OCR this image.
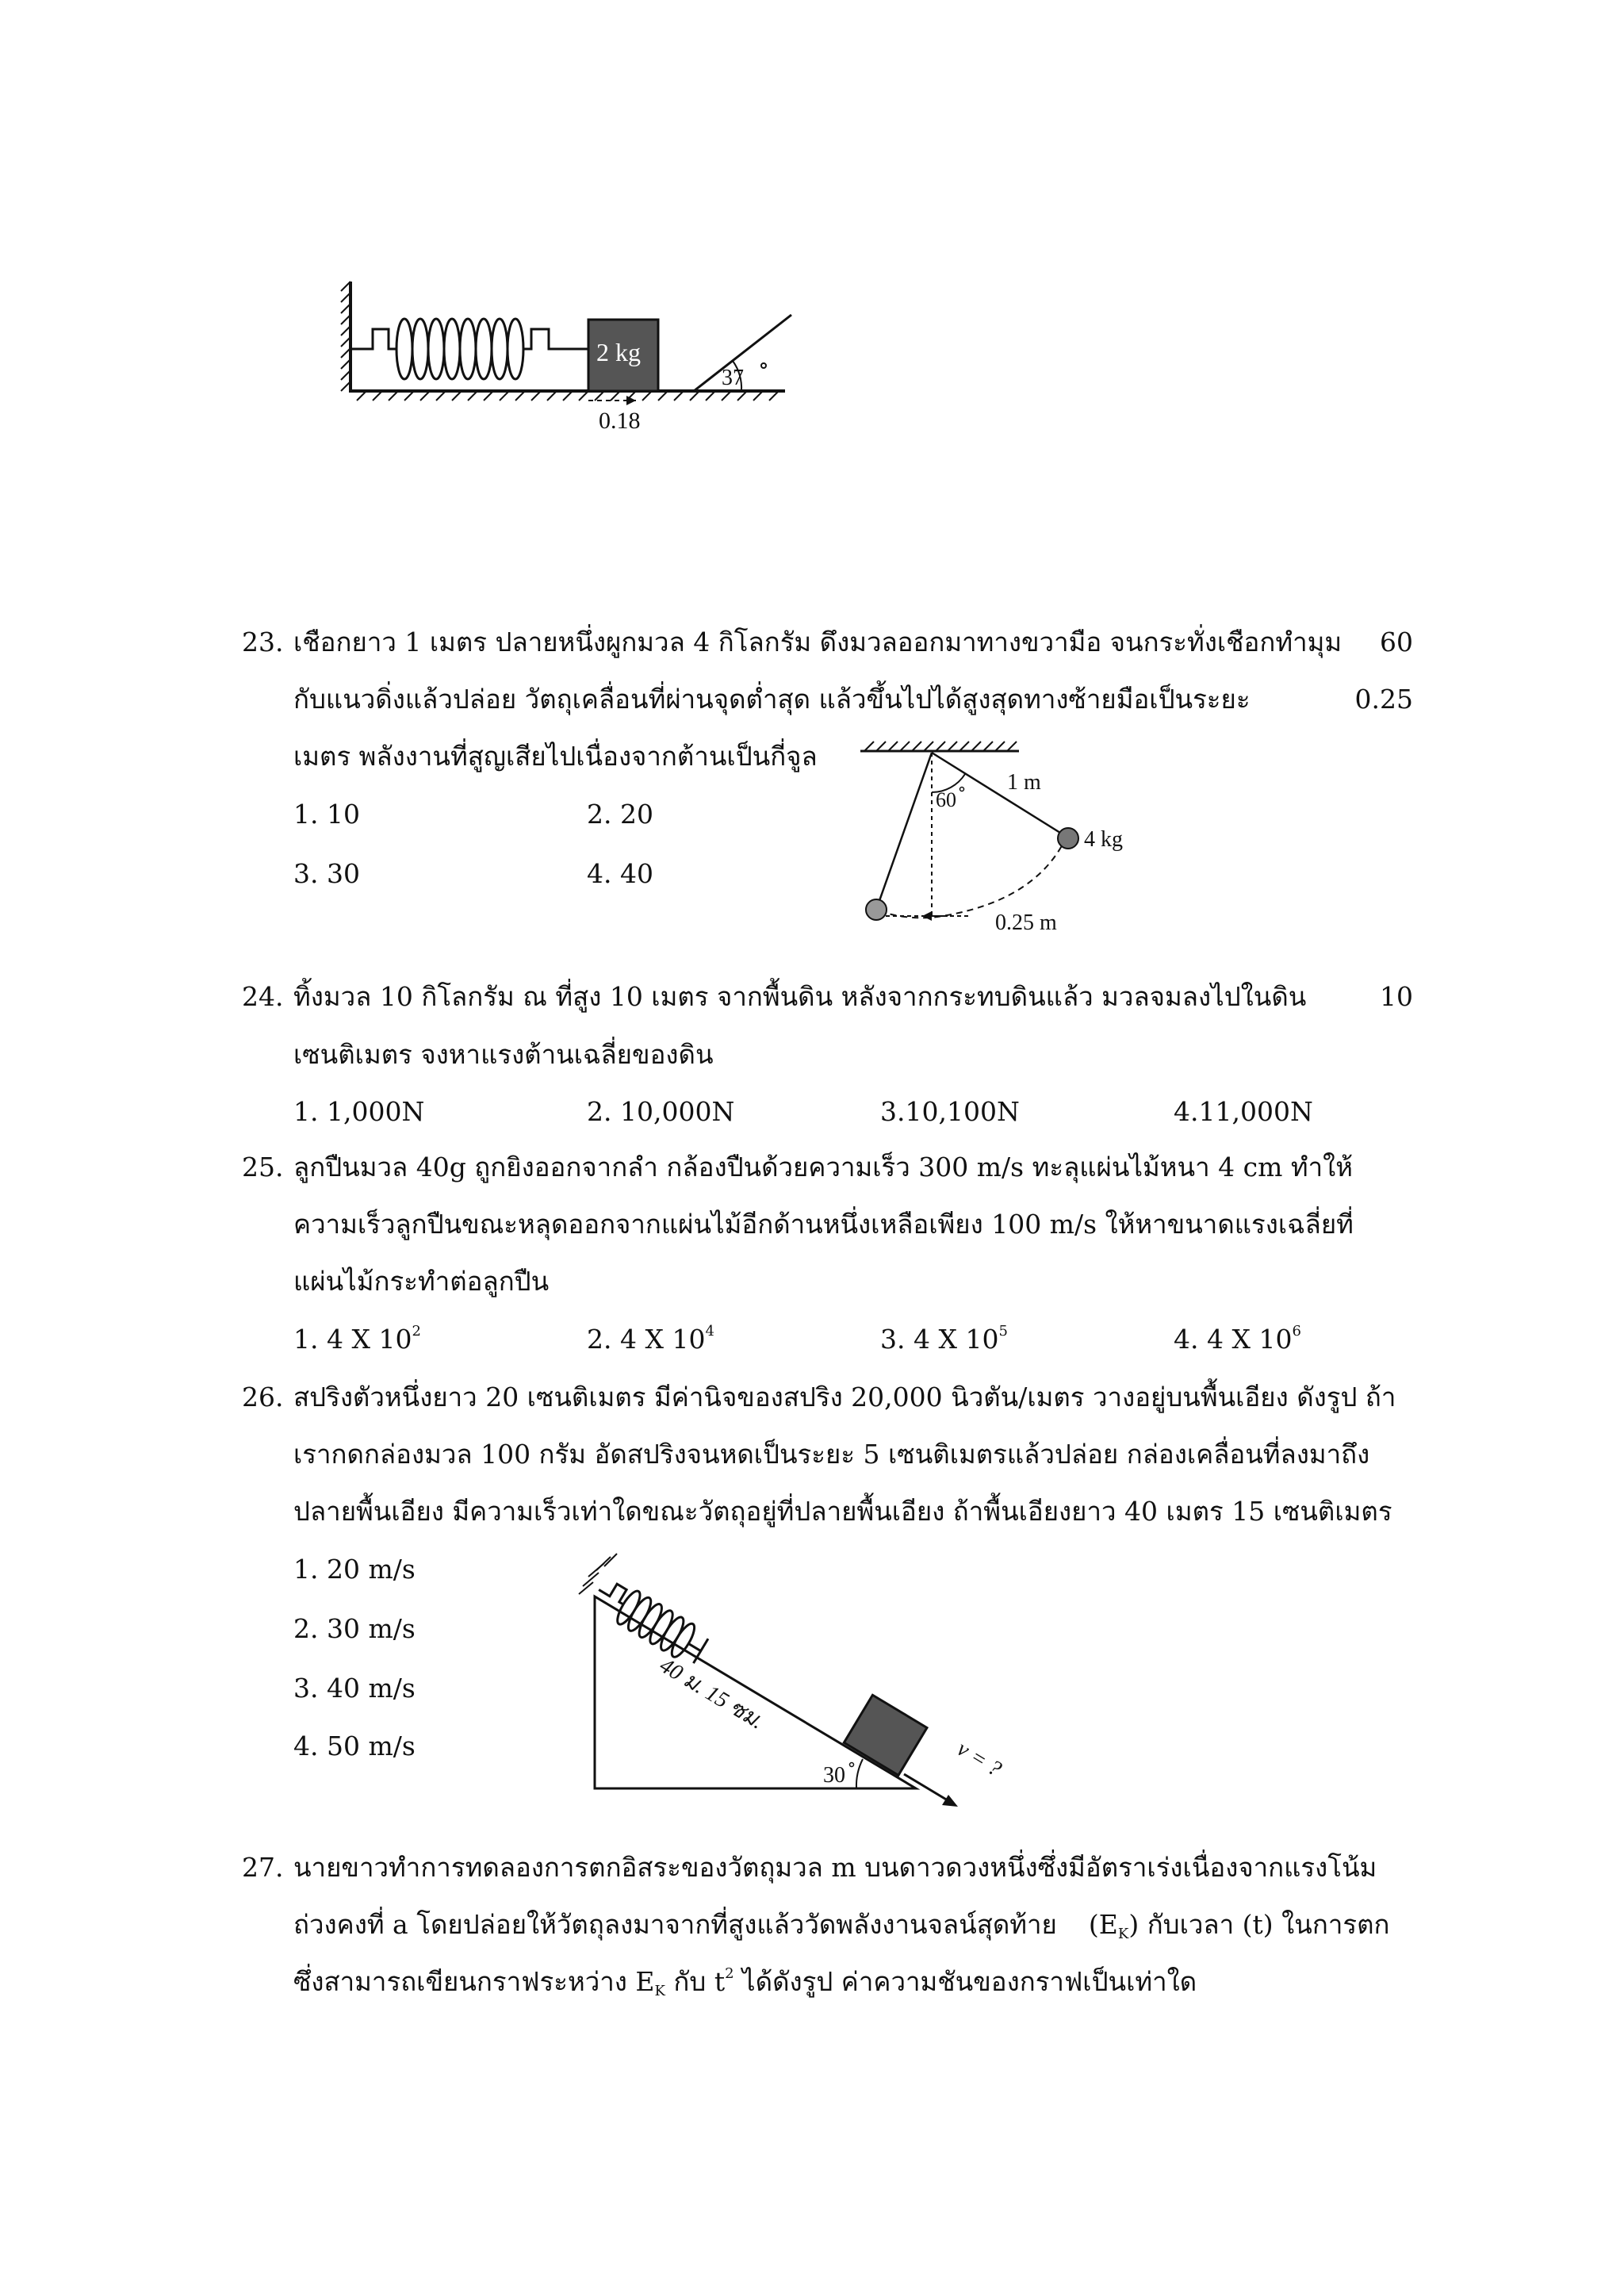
2 kg
0.18
37
23. เชือกยาว 1 เมตร ปลายหนึ่งผูกมวล 4 กิโลกรัม ดึงมวลออกมาทางขวามือ จนกระทั่งเชือกทำมุม	60
กับแนวดิ่งแล้วปล่อย วัตถุเคลื่อนที่ผ่านจุดต่ำสุด แล้วขึ้นไปได้สูงสุดทางซ้ายมือเป็นระยะ	0.25
เมตร พลังงานที่สูญเสียไปเนื่องจากต้านเป็นกี่จูล
1. 10	2. 20
3. 30	4. 40
60
1 m
4 kg
0.25 m
24. ทิ้งมวล 10 กิโลกรัม ณ ที่สูง 10 เมตร จากพื้นดิน หลังจากกระทบดินแล้ว มวลจมลงไปในดิน	10
เซนติเมตร จงหาแรงต้านเฉลี่ยของดิน
1. 1,000N	2. 10,000N	3.10,100N	4.11,000N
25. ลูกปืนมวล 40g ถูกยิงออกจากลำ กล้องปืนด้วยความเร็ว 300 m/s ทะลุแผ่นไม้หนา 4 cm ทำให้
ความเร็วลูกปืนขณะหลุดออกจากแผ่นไม้อีกด้านหนึ่งเหลือเพียง 100 m/s ให้หาขนาดแรงเฉลี่ยที่
แผ่นไม้กระทำต่อลูกปืน
1. 4 X $10^2$	2. 4 X $10^4$	3. 4 X $10^5$	4. 4 X $10^6$
26. สปริงตัวหนึ่งยาว 20 เซนติเมตร มีค่านิจของสปริง 20,000 นิวตัน/เมตร วางอยู่บนพื้นเอียง ดังรูป ถ้า
เรากดกล่องมวล 100 กรัม อัดสปริงจนหดเป็นระยะ 5 เซนติเมตรแล้วปล่อย กล่องเคลื่อนที่ลงมาถึง
ปลายพื้นเอียง มีความเร็วเท่าใดขณะวัตถุอยู่ที่ปลายพื้นเอียง ถ้าพื้นเอียงยาว 40 เมตร 15 เซนติเมตร
1. 20 m/s
2. 30 m/s
3. 40 m/s
4. 50 m/s
40 ม. 15 ซม.
v = ?
30
27. นายขาวทำการทดลองการตกอิสระของวัตถุมวล m บนดาวดวงหนึ่งซึ่งมีอัตราเร่งเนื่องจากแรงโน้ม
ถ่วงคงที่ a โดยปล่อยให้วัตถุลงมาจากที่สูงแล้ววัดพลังงานจลน์สุดท้าย $(E_K)$ กับเวลา (t) ในการตก
ซึ่งสามารถเขียนกราฟระหว่าง $E_K$ กับ $t^2$ ได้ดังรูป ค่าความชันของกราฟเป็นเท่าใด
